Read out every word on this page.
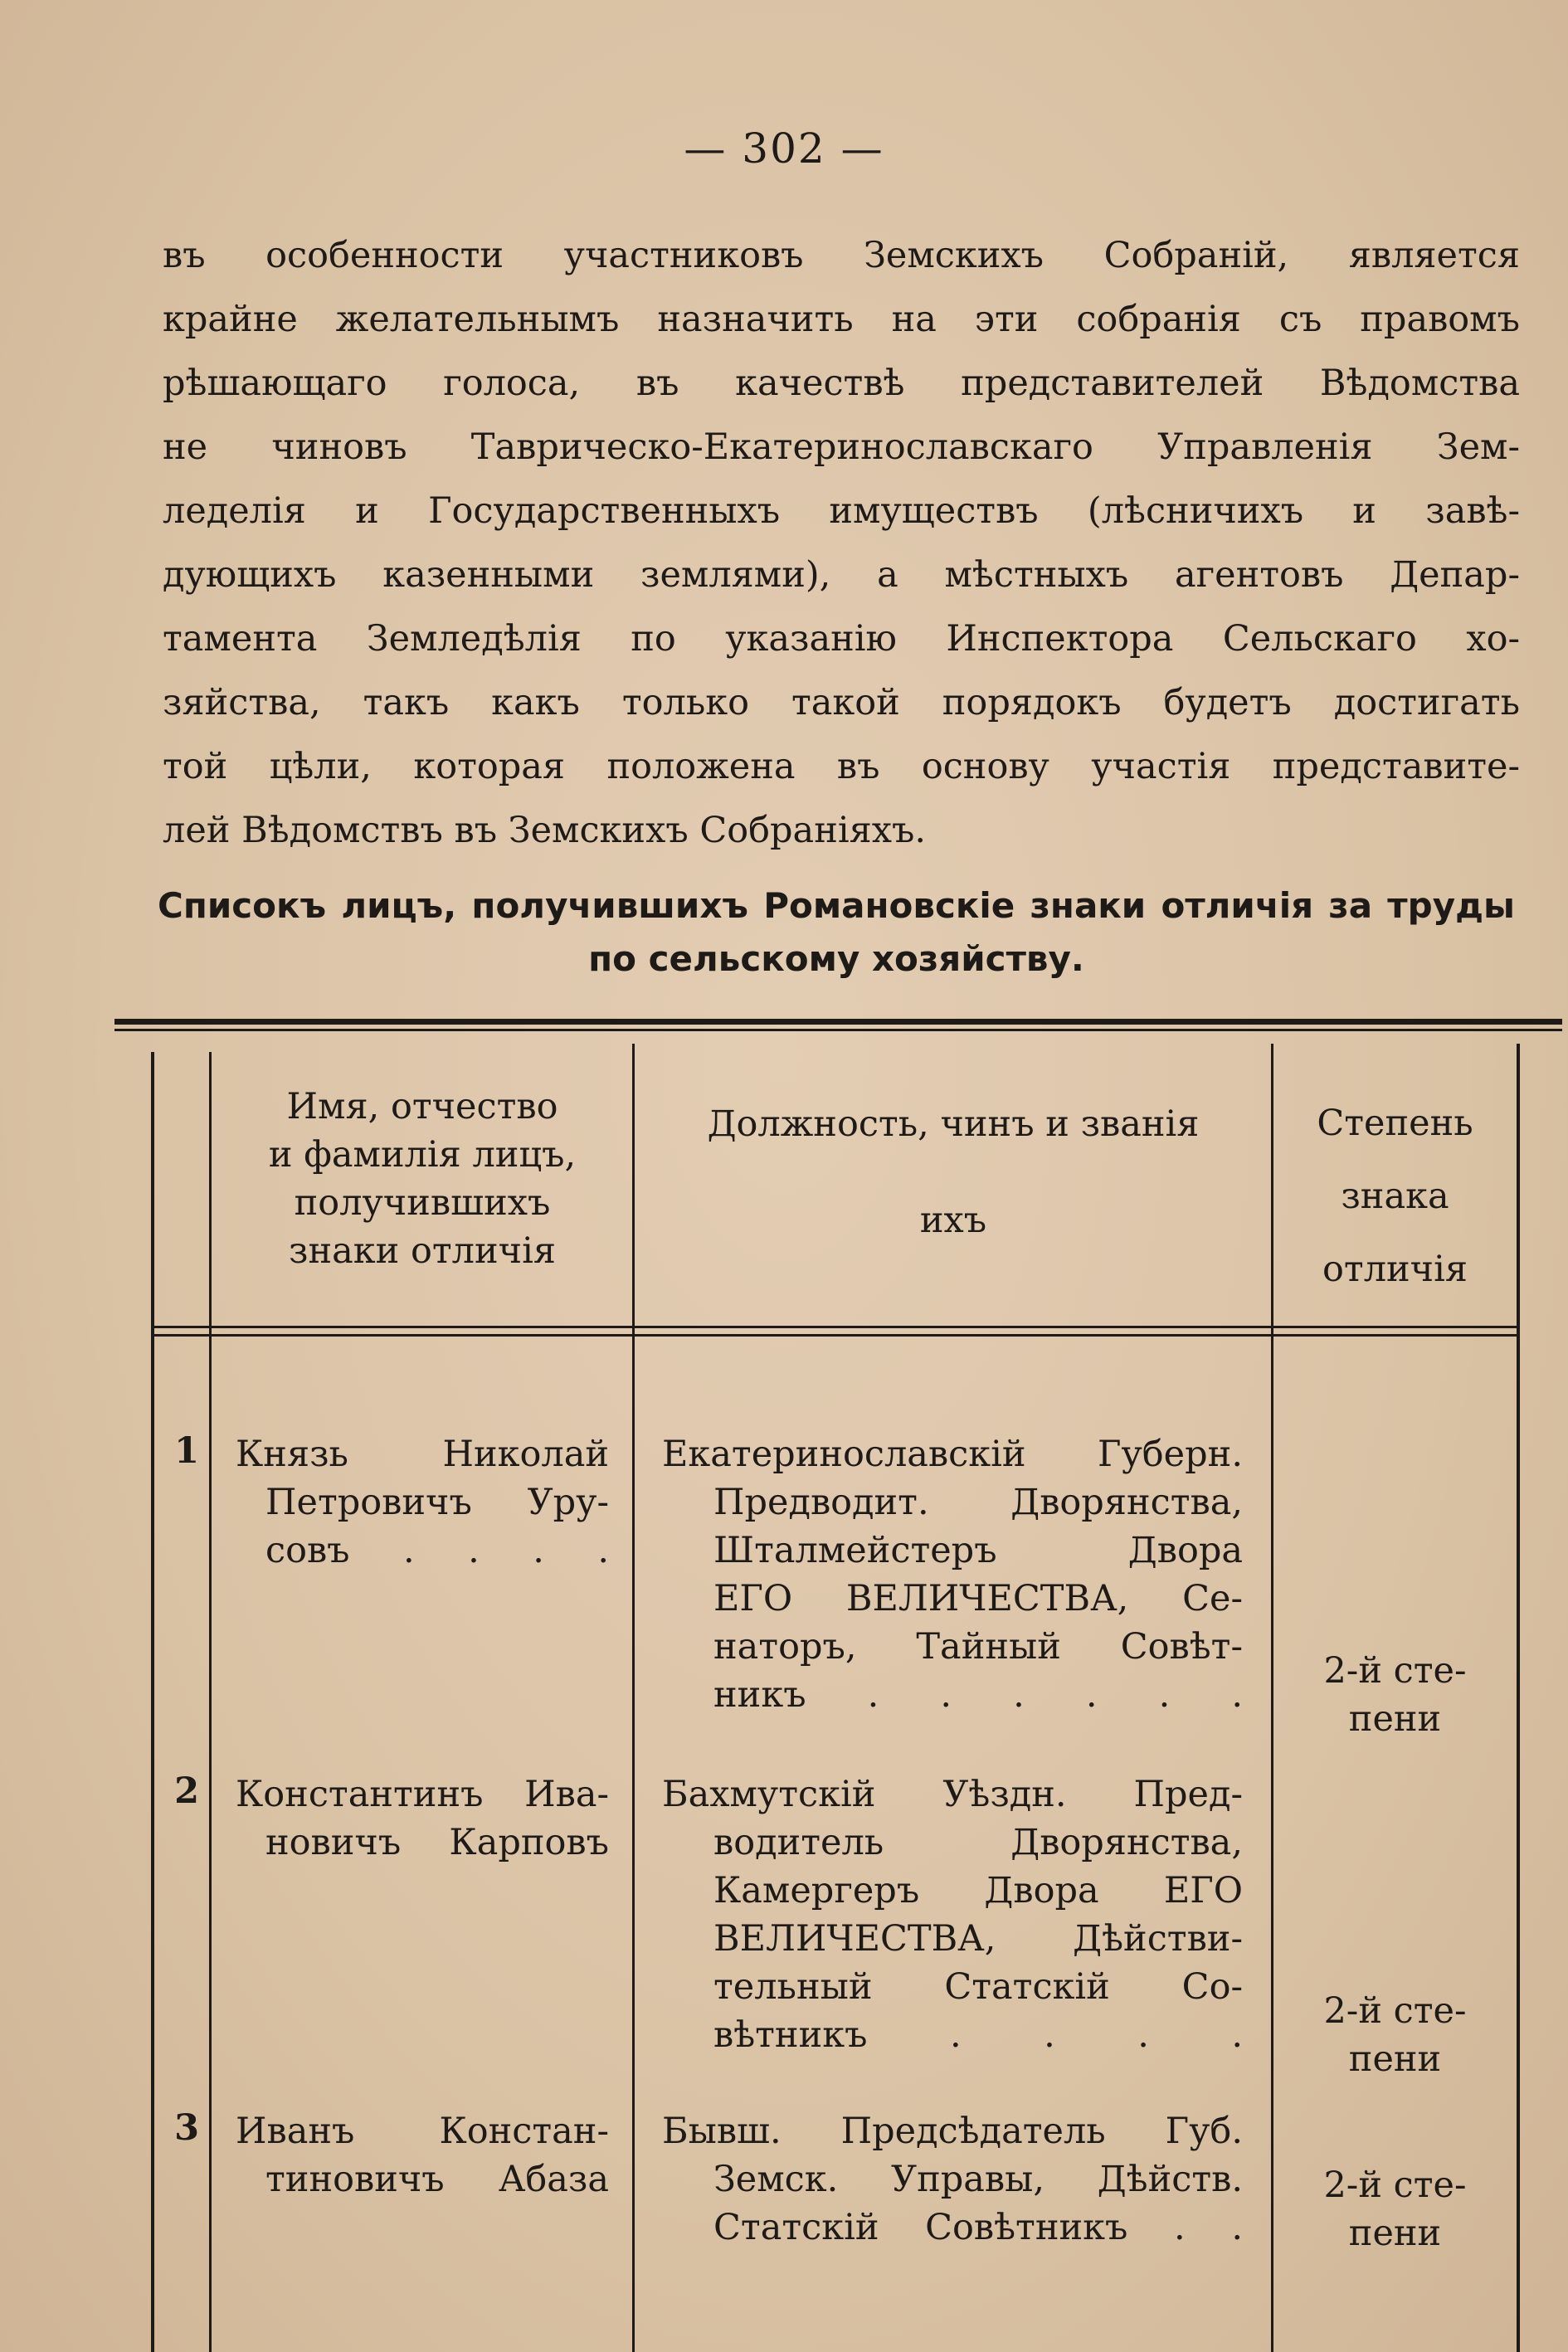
— 302 —
въ особенности участниковъ Земскихъ Собраній, является
крайне желательнымъ назначить на эти собранія съ правомъ
рѣшающаго голоса, въ качествѣ представителей Вѣдомства
не чиновъ Таврическо-Екатеринославскаго Управленія Зем-
леделія и Государственныхъ имуществъ (лѣсничихъ и завѣ-
дующихъ казенными землями), а мѣстныхъ агентовъ Депар-
тамента Земледѣлія по указанію Инспектора Сельскаго хо-
зяйства, такъ какъ только такой порядокъ будетъ достигать
той цѣли, которая положена въ основу участія представите-
лей Вѣдомствъ въ Земскихъ Собраніяхъ.
Списокъ лицъ, получившихъ Романовскіе знаки отличія за труды
по сельскому хозяйству.
Имя, отчество
и фамилія лицъ,
получившихъ
знаки отличія
Должность, чинъ и званія
ихъ
Степень
знака
отличія
1 Князь Николай
Петровичъ Уру-
совъ . . . .
Екатеринославскій Губерн.
Предводит. Дворянства,
Шталмейстеръ Двора
ЕГО ВЕЛИЧЕСТВА, Се-
наторъ, Тайный Совѣт-
никъ . . . . . .
2-й сте-
пени
2 Константинъ Ива-
новичъ Карповъ
Бахмутскій Уѣздн. Пред-
водитель Дворянства,
Камергеръ Двора ЕГО
ВЕЛИЧЕСТВА, Дѣйстви-
тельный Статскій Со-
вѣтникъ . . . .
2-й сте-
пени
3 Иванъ Констан-
тиновичъ Абаза
Бывш. Предсѣдатель Губ.
Земск. Управы, Дѣйств.
Статскій Совѣтникъ . .
2-й сте-
пени
